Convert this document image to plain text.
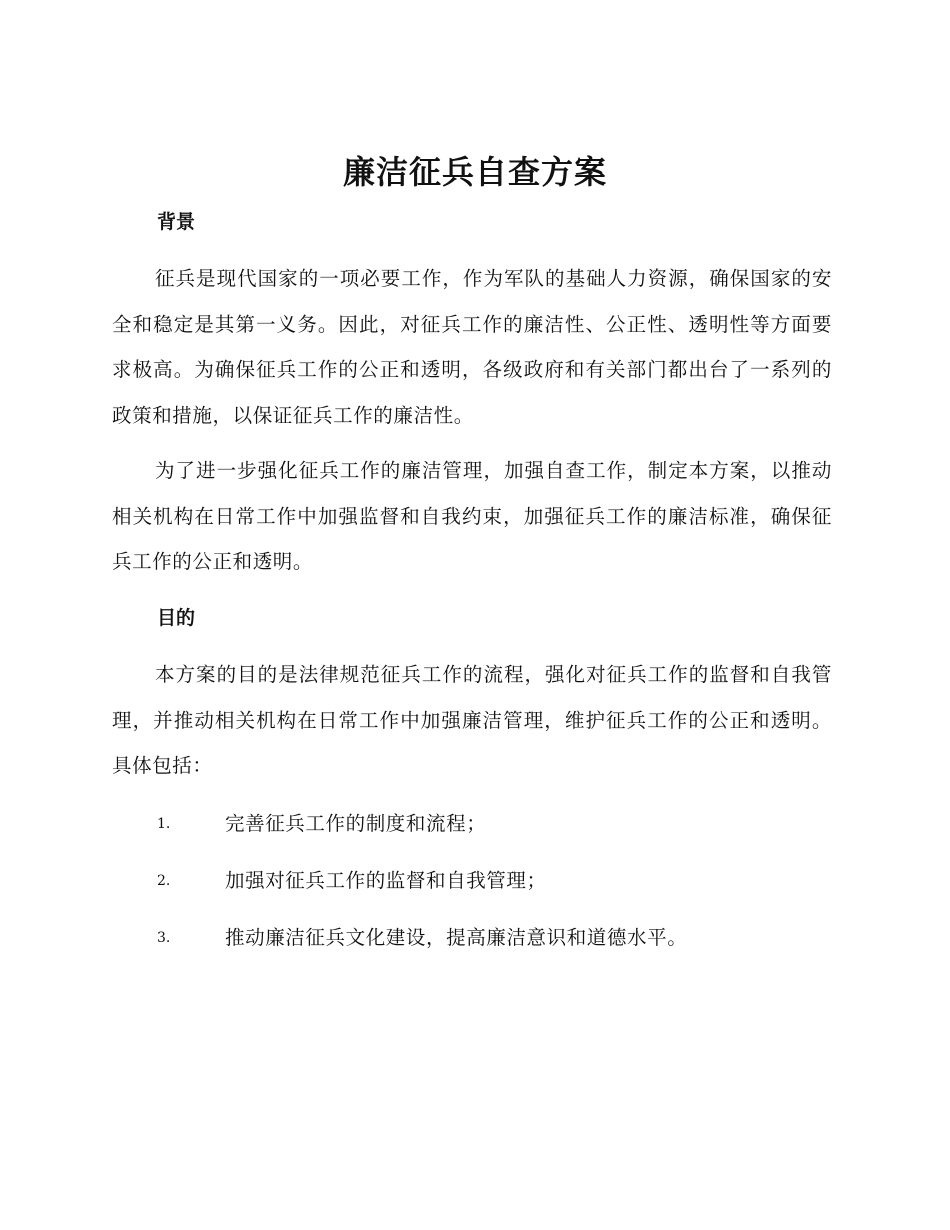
廉洁征兵自查方案
背景

征兵是现代国家的一项必要工作，作为军队的基础人力资源，确保国家的安全和稳定是其第一义务。因此，对征兵工作的廉洁性、公正性、透明性等方面要求极高。为确保征兵工作的公正和透明，各级政府和有关部门都出台了一系列的政策和措施，以保证征兵工作的廉洁性。

为了进一步强化征兵工作的廉洁管理，加强自查工作，制定本方案，以推动相关机构在日常工作中加强监督和自我约束，加强征兵工作的廉洁标准，确保征兵工作的公正和透明。

目的

本方案的目的是法律规范征兵工作的流程，强化对征兵工作的监督和自我管理，并推动相关机构在日常工作中加强廉洁管理，维护征兵工作的公正和透明。具体包括：

1.	完善征兵工作的制度和流程；
2.	加强对征兵工作的监督和自我管理；
3.	推动廉洁征兵文化建设，提高廉洁意识和道德水平。
